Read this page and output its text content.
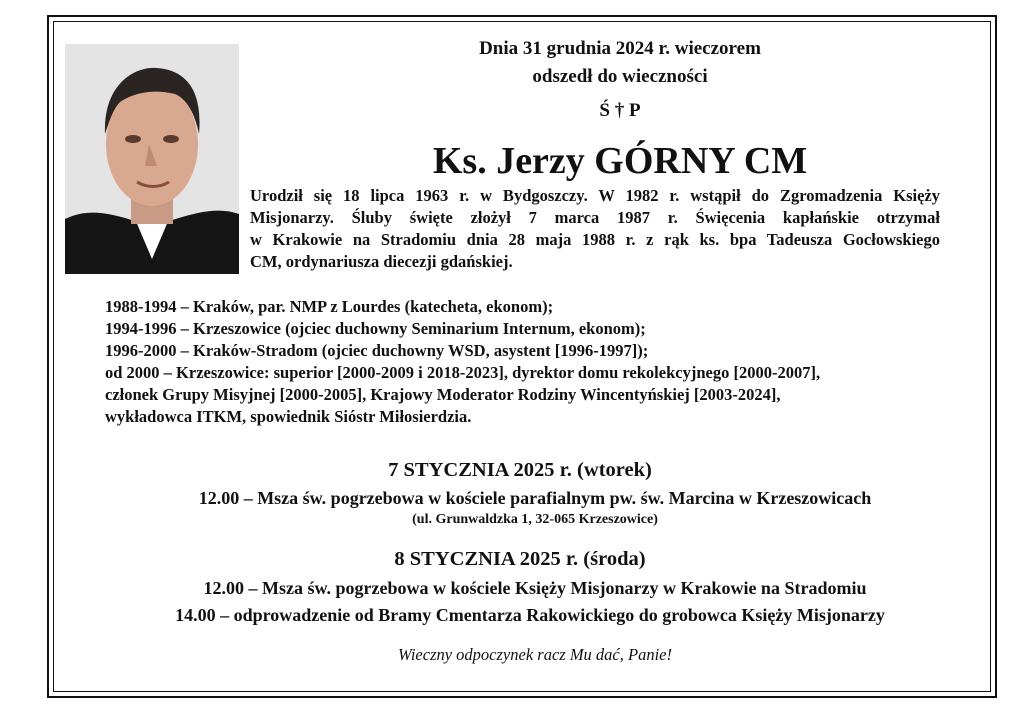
Dnia 31 grudnia 2024 r. wieczorem
odszedł do wieczności
Ś † P
Ks. Jerzy GÓRNY CM
Urodził się 18 lipca 1963 r. w Bydgoszczy. W 1982 r. wstąpił do Zgromadzenia Księży
Misjonarzy. Śluby święte złożył 7 marca 1987 r. Święcenia kapłańskie otrzymał
w Krakowie na Stradomiu dnia 28 maja 1988 r. z rąk ks. bpa Tadeusza Gocłowskiego
CM, ordynariusza diecezji gdańskiej.
1988-1994 – Kraków, par. NMP z Lourdes (katecheta, ekonom);
1994-1996 – Krzeszowice (ojciec duchowny Seminarium Internum, ekonom);
1996-2000 – Kraków-Stradom (ojciec duchowny WSD, asystent [1996-1997]);
od 2000 – Krzeszowice: superior [2000-2009 i 2018-2023], dyrektor domu rekolekcyjnego [2000-2007],
członek Grupy Misyjnej [2000-2005], Krajowy Moderator Rodziny Wincentyńskiej [2003-2024],
wykładowca ITKM, spowiednik Sióstr Miłosierdzia.
7 STYCZNIA 2025 r. (wtorek)
12.00 – Msza św. pogrzebowa w kościele parafialnym pw. św. Marcina w Krzeszowicach
(ul. Grunwaldzka 1, 32-065 Krzeszowice)
8 STYCZNIA 2025 r. (środa)
12.00 – Msza św. pogrzebowa w kościele Księży Misjonarzy w Krakowie na Stradomiu
14.00 – odprowadzenie od Bramy Cmentarza Rakowickiego do grobowca Księży Misjonarzy
Wieczny odpoczynek racz Mu dać, Panie!
